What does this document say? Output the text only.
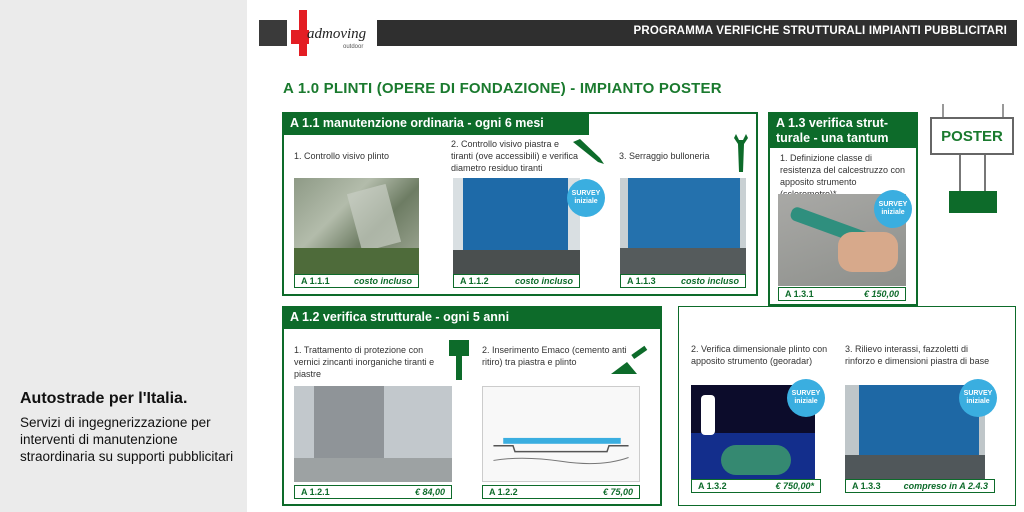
Autostrade per l'Italia.

Servizi di ingegnerizzazione per interventi di manutenzione straordinaria su supporti pubblicitari

PROGRAMMA VERIFICHE STRUTTURALI IMPIANTI PUBBLICITARI
admoving
outdoor
A 1.0 PLINTI (OPERE DI FONDAZIONE) - IMPIANTO POSTER
POSTER
A 1.1 manutenzione ordinaria - ogni 6 mesi
1. Controllo visivo plinto
2. Controllo visivo piastra e tiranti (ove accessibili) e verifica diametro residuo tiranti
3. Serraggio bulloneria
SURVEY
iniziale
A 1.1.1	costo incluso	A 1.1.2	costo incluso	A 1.1.3	costo incluso
A 1.3 verifica strut-
turale - una tantum
1. Definizione classe di resistenza del calcestruzzo con apposito strumento
SURVEY
iniziale
A 1.3.1	€ 150,00
A 1.2 verifica strutturale - ogni 5 anni
1. Trattamento di protezione con vernici zincanti inorganiche tiranti e piastre
2. Inserimento Emaco (cemento anti ritiro) tra piastra e plinto
A 1.2.1	€ 84,00	A 1.2.2	€ 75,00
2. Verifica dimensionale plinto con apposito strumento (georadar)
3. Rilievo interassi, fazzoletti di rinforzo e dimensioni piastra di base
SURVEY
iniziale
SURVEY
iniziale
A 1.3.2	€ 750,00*	A 1.3.3	compreso in A 2.4.3
